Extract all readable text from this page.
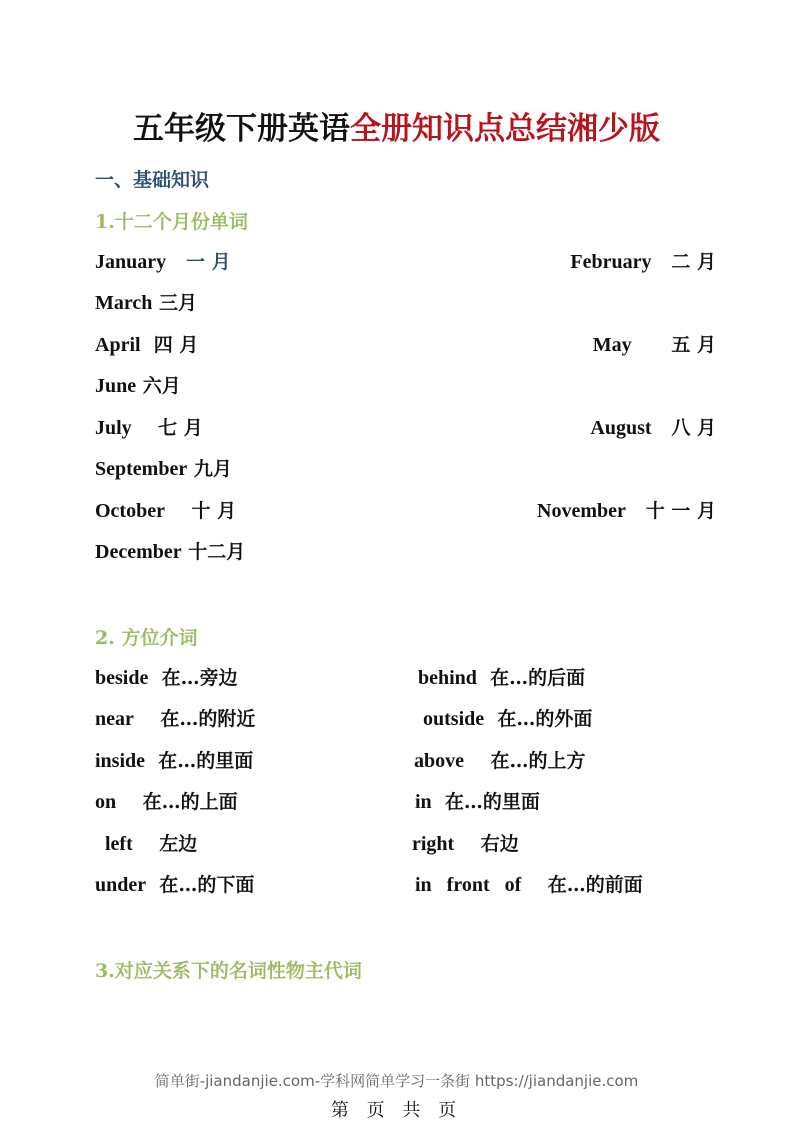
五年级下册英语全册知识点总结湘少版
一、基础知识
1.十二个月份单词
January 一 月	February 二 月
March 三月
April 四 月	May 五 月
June 六月
July 七 月	August 八 月
September 九月
October 十 月	November 十 一 月
December 十二月
2. 方位介词
beside 在…旁边	behind 在…的后面
near 在…的附近	outside 在…的外面
inside 在…的里面	above 在…的上方
on 在…的上面	in 在…的里面
left 左边	right 右边
under 在…的下面	in   front   of 在…的前面
3.对应关系下的名词性物主代词
简单街-jiandanjie.com-学科网简单学习一条街 https://jiandanjie.com
第 页 共 页
